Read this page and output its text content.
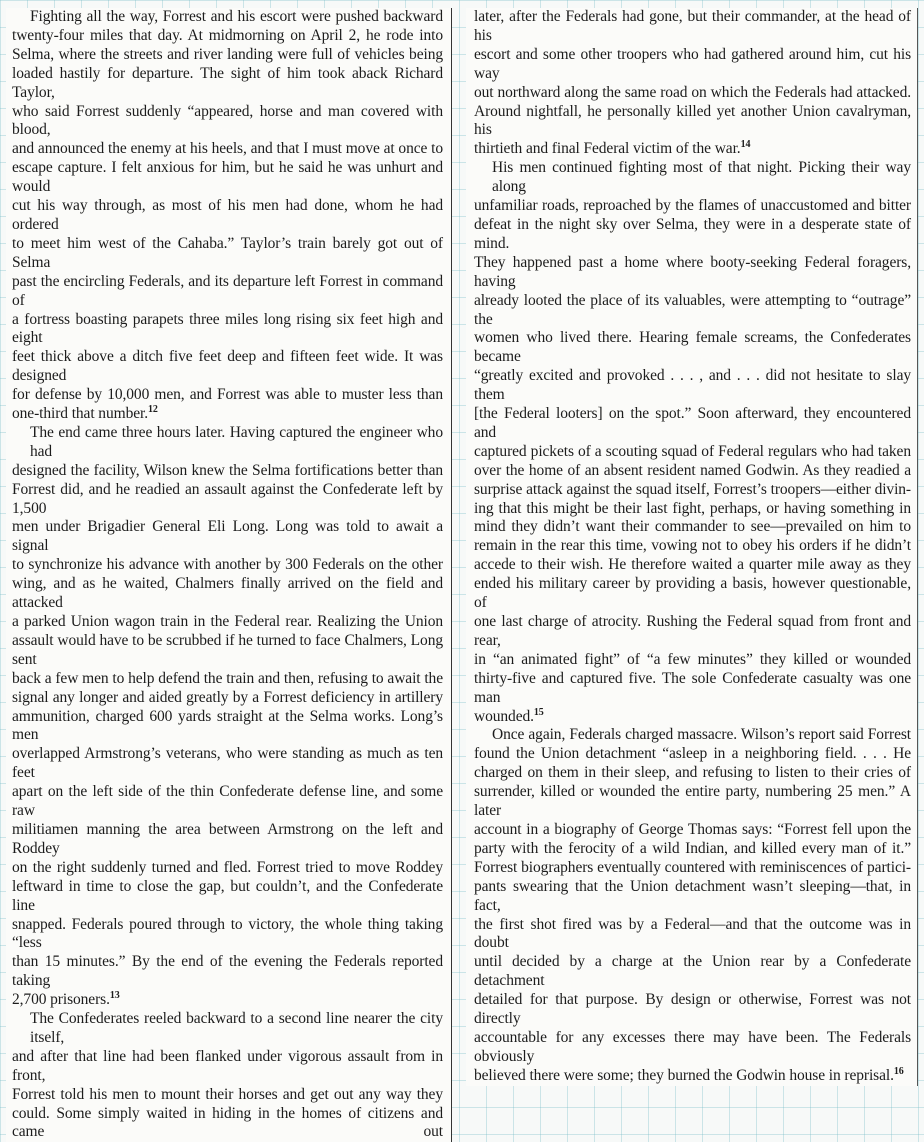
Fighting all the way, Forrest and his escort were pushed backward
twenty-four miles that day. At midmorning on April 2, he rode into
Selma, where the streets and river landing were full of vehicles being
loaded hastily for departure. The sight of him took aback Richard Taylor,
who said Forrest suddenly “appeared, horse and man covered with blood,
and announced the enemy at his heels, and that I must move at once to
escape capture. I felt anxious for him, but he said he was unhurt and would
cut his way through, as most of his men had done, whom he had ordered
to meet him west of the Cahaba.” Taylor’s train barely got out of Selma
past the encircling Federals, and its departure left Forrest in command of
a fortress boasting parapets three miles long rising six feet high and eight
feet thick above a ditch five feet deep and fifteen feet wide. It was designed
for defense by 10,000 men, and Forrest was able to muster less than
one-third that number.$^{12}$
The end came three hours later. Having captured the engineer who had
designed the facility, Wilson knew the Selma fortifications better than
Forrest did, and he readied an assault against the Confederate left by 1,500
men under Brigadier General Eli Long. Long was told to await a signal
to synchronize his advance with another by 300 Federals on the other
wing, and as he waited, Chalmers finally arrived on the field and attacked
a parked Union wagon train in the Federal rear. Realizing the Union
assault would have to be scrubbed if he turned to face Chalmers, Long sent
back a few men to help defend the train and then, refusing to await the
signal any longer and aided greatly by a Forrest deficiency in artillery
ammunition, charged 600 yards straight at the Selma works. Long’s men
overlapped Armstrong’s veterans, who were standing as much as ten feet
apart on the left side of the thin Confederate defense line, and some raw
militiamen manning the area between Armstrong on the left and Roddey
on the right suddenly turned and fled. Forrest tried to move Roddey
leftward in time to close the gap, but couldn’t, and the Confederate line
snapped. Federals poured through to victory, the whole thing taking “less
than 15 minutes.” By the end of the evening the Federals reported taking
2,700 prisoners.$^{13}$
The Confederates reeled backward to a second line nearer the city itself,
and after that line had been flanked under vigorous assault from in front,
Forrest told his men to mount their horses and get out any way they
could. Some simply waited in hiding in the homes of citizens and came out
later, after the Federals had gone, but their commander, at the head of his
escort and some other troopers who had gathered around him, cut his way
out northward along the same road on which the Federals had attacked.
Around nightfall, he personally killed yet another Union cavalryman, his
thirtieth and final Federal victim of the war.$^{14}$
His men continued fighting most of that night. Picking their way along
unfamiliar roads, reproached by the flames of unaccustomed and bitter
defeat in the night sky over Selma, they were in a desperate state of mind.
They happened past a home where booty-seeking Federal foragers, having
already looted the place of its valuables, were attempting to “outrage” the
women who lived there. Hearing female screams, the Confederates became
“greatly excited and provoked . . . , and . . . did not hesitate to slay them
[the Federal looters] on the spot.” Soon afterward, they encountered and
captured pickets of a scouting squad of Federal regulars who had taken
over the home of an absent resident named Godwin. As they readied a
surprise attack against the squad itself, Forrest’s troopers—either divin-
ing that this might be their last fight, perhaps, or having something in
mind they didn’t want their commander to see—prevailed on him to
remain in the rear this time, vowing not to obey his orders if he didn’t
accede to their wish. He therefore waited a quarter mile away as they
ended his military career by providing a basis, however questionable, of
one last charge of atrocity. Rushing the Federal squad from front and rear,
in “an animated fight” of “a few minutes” they killed or wounded
thirty-five and captured five. The sole Confederate casualty was one man
wounded.$^{15}$
Once again, Federals charged massacre. Wilson’s report said Forrest
found the Union detachment “asleep in a neighboring field. . . . He
charged on them in their sleep, and refusing to listen to their cries of
surrender, killed or wounded the entire party, numbering 25 men.” A later
account in a biography of George Thomas says: “Forrest fell upon the
party with the ferocity of a wild Indian, and killed every man of it.”
Forrest biographers eventually countered with reminiscences of partici-
pants swearing that the Union detachment wasn’t sleeping—that, in fact,
the first shot fired was by a Federal—and that the outcome was in doubt
until decided by a charge at the Union rear by a Confederate detachment
detailed for that purpose. By design or otherwise, Forrest was not directly
accountable for any excesses there may have been. The Federals obviously
believed there were some; they burned the Godwin house in reprisal.$^{16}$
